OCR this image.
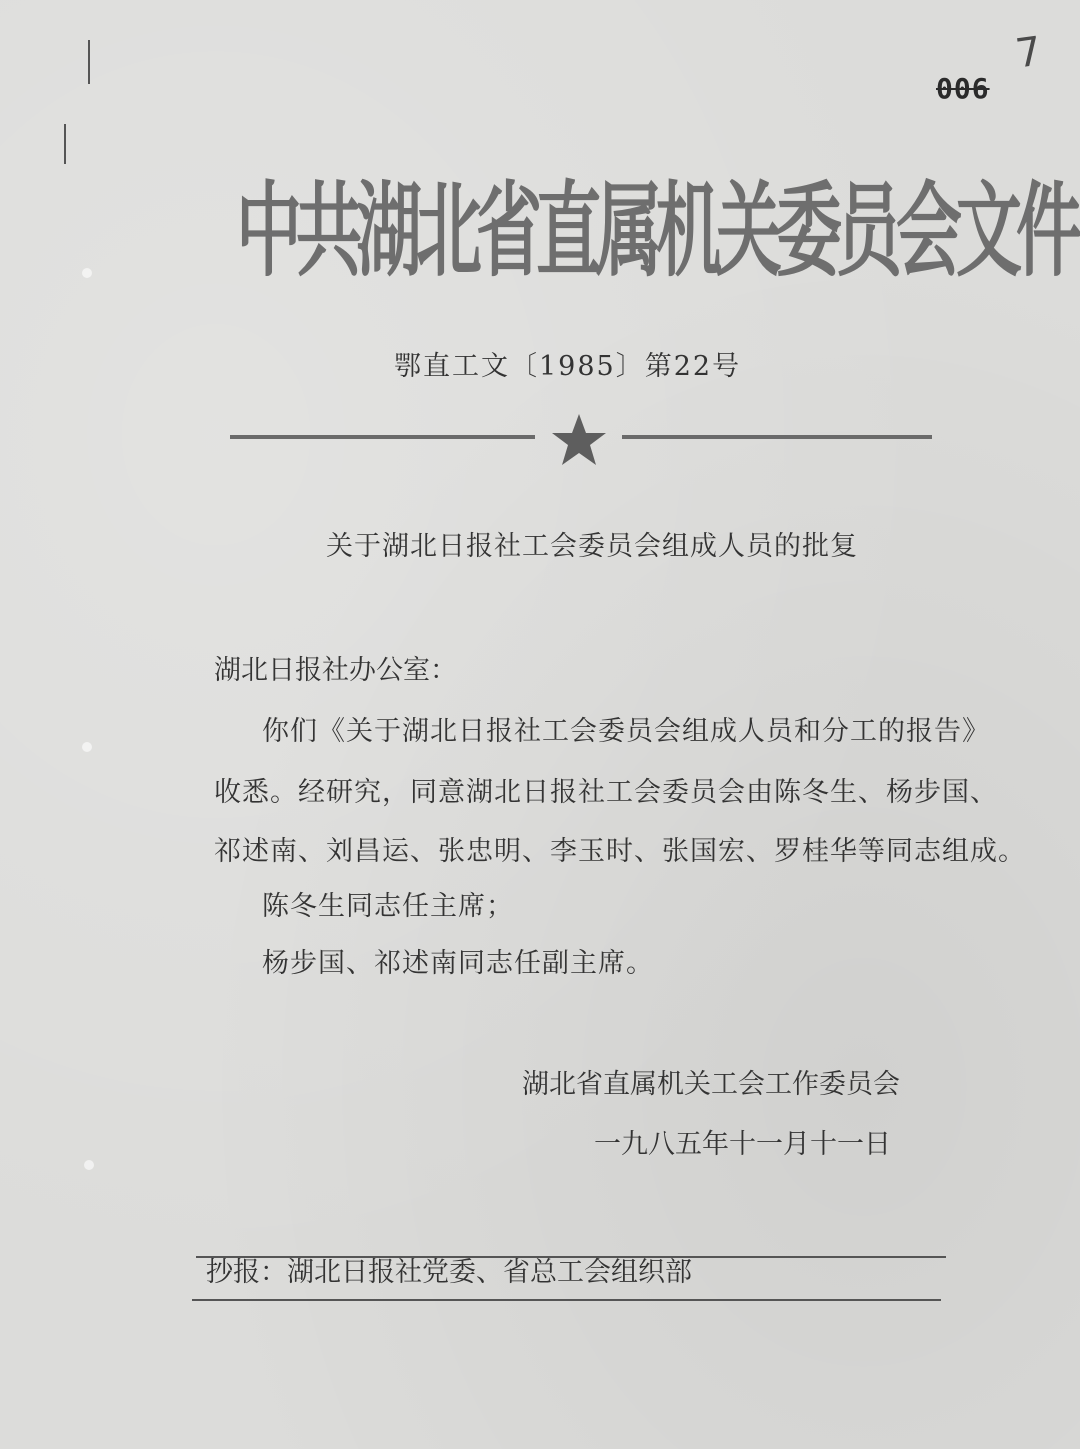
006
7
中共湖北省直属机关委员会文件
鄂直工文〔1985〕第22号
关于湖北日报社工会委员会组成人员的批复
湖北日报社办公室：
你们《关于湖北日报社工会委员会组成人员和分工的报告》
收悉。经研究，同意湖北日报社工会委员会由陈冬生、杨步国、
祁述南、刘昌运、张忠明、李玉时、张国宏、罗桂华等同志组成。
陈冬生同志任主席；
杨步国、祁述南同志任副主席。
湖北省直属机关工会工作委员会
一九八五年十一月十一日
抄报：湖北日报社党委、省总工会组织部
